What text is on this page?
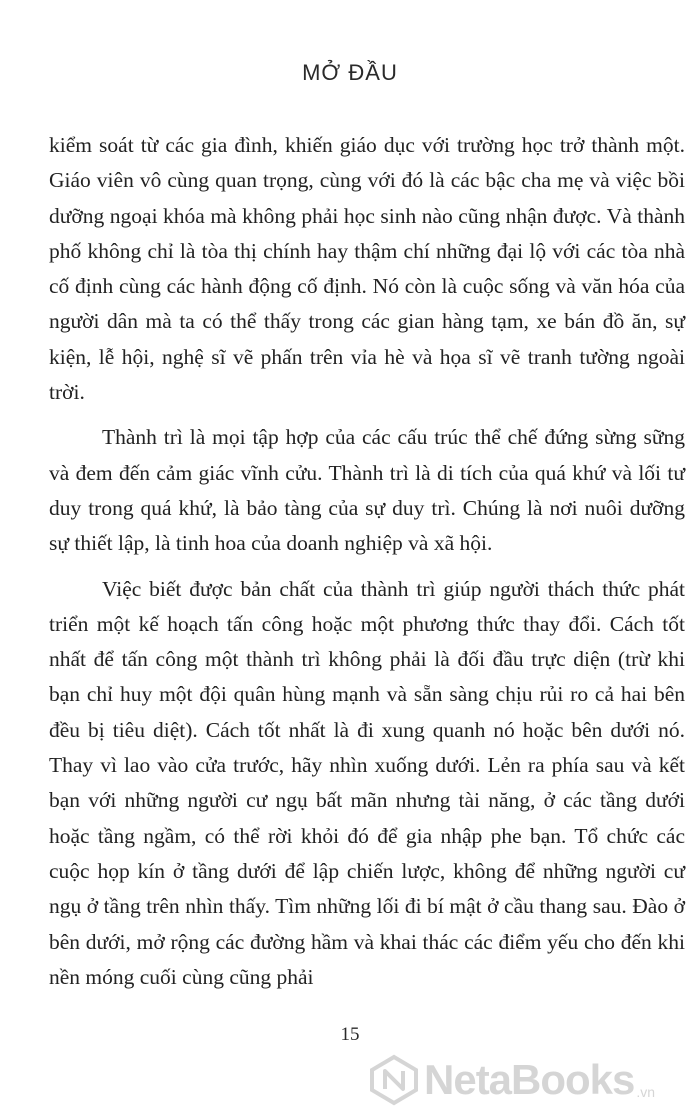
MỞ ĐẦU

kiểm soát từ các gia đình, khiến giáo dục với trường học trở thành một. Giáo viên vô cùng quan trọng, cùng với đó là các bậc cha mẹ và việc bồi dưỡng ngoại khóa mà không phải học sinh nào cũng nhận được. Và thành phố không chỉ là tòa thị chính hay thậm chí những đại lộ với các tòa nhà cố định cùng các hành động cố định. Nó còn là cuộc sống và văn hóa của người dân mà ta có thể thấy trong các gian hàng tạm, xe bán đồ ăn, sự kiện, lễ hội, nghệ sĩ vẽ phấn trên vỉa hè và họa sĩ vẽ tranh tường ngoài trời.

Thành trì là mọi tập hợp của các cấu trúc thể chế đứng sừng sững và đem đến cảm giác vĩnh cửu. Thành trì là di tích của quá khứ và lối tư duy trong quá khứ, là bảo tàng của sự duy trì. Chúng là nơi nuôi dưỡng sự thiết lập, là tinh hoa của doanh nghiệp và xã hội.

Việc biết được bản chất của thành trì giúp người thách thức phát triển một kế hoạch tấn công hoặc một phương thức thay đổi. Cách tốt nhất để tấn công một thành trì không phải là đối đầu trực diện (trừ khi bạn chỉ huy một đội quân hùng mạnh và sẵn sàng chịu rủi ro cả hai bên đều bị tiêu diệt). Cách tốt nhất là đi xung quanh nó hoặc bên dưới nó. Thay vì lao vào cửa trước, hãy nhìn xuống dưới. Lẻn ra phía sau và kết bạn với những người cư ngụ bất mãn nhưng tài năng, ở các tầng dưới hoặc tầng ngầm, có thể rời khỏi đó để gia nhập phe bạn. Tổ chức các cuộc họp kín ở tầng dưới để lập chiến lược, không để những người cư ngụ ở tầng trên nhìn thấy. Tìm những lối đi bí mật ở cầu thang sau. Đào ở bên dưới, mở rộng các đường hầm và khai thác các điểm yếu cho đến khi nền móng cuối cùng cũng phải

15
NetaBooks .vn
